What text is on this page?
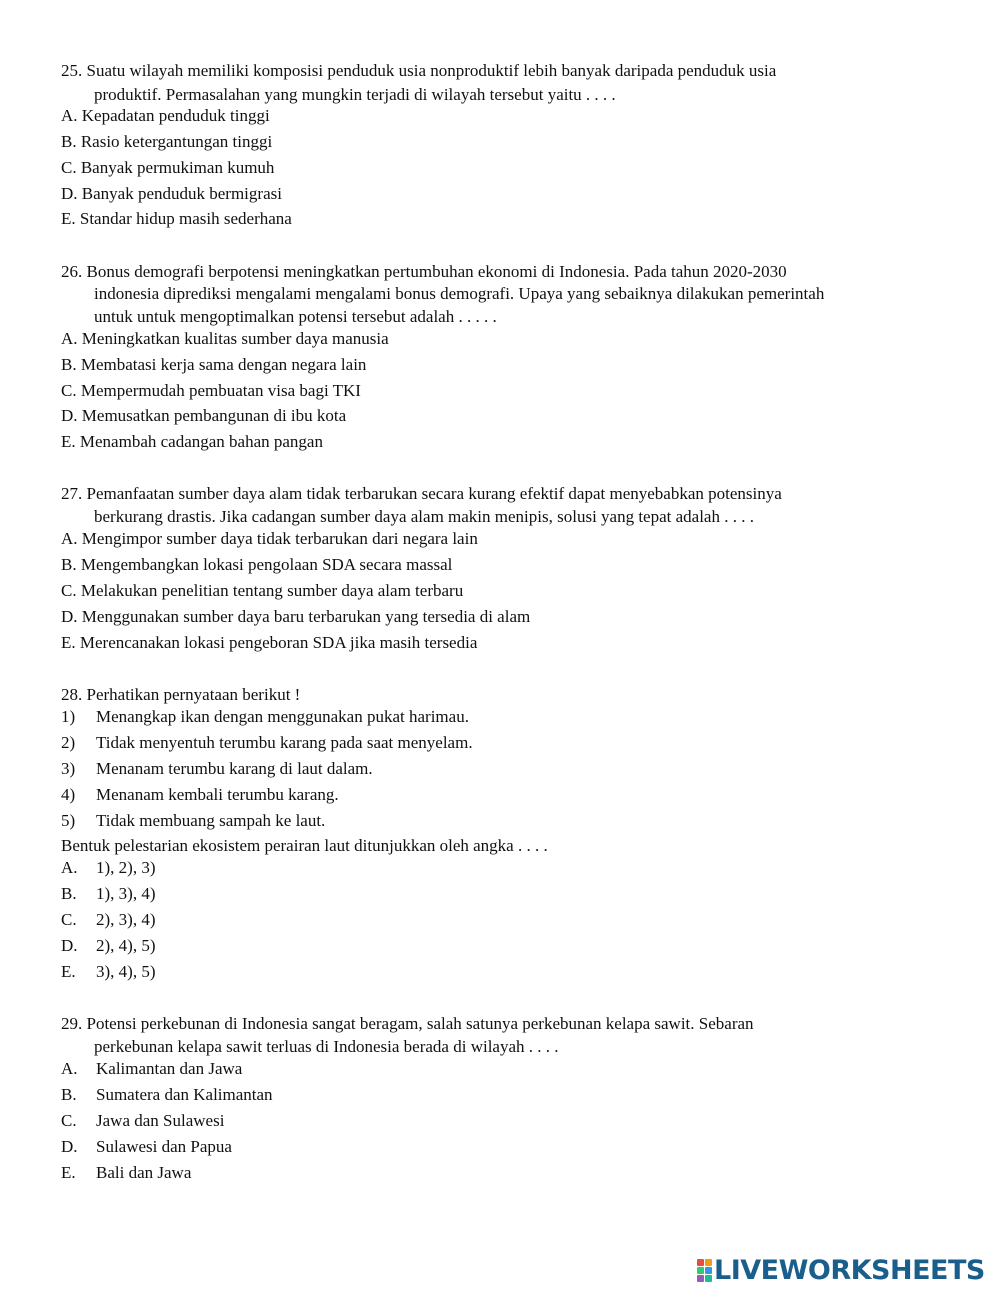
25. Suatu wilayah memiliki komposisi penduduk usia nonproduktif lebih banyak daripada penduduk usia

produktif. Permasalahan yang mungkin terjadi di wilayah tersebut yaitu . . . .

A. Kepadatan penduduk tinggi

B. Rasio ketergantungan tinggi

C. Banyak permukiman kumuh

D. Banyak penduduk bermigrasi

E. Standar hidup masih sederhana

26. Bonus demografi berpotensi meningkatkan pertumbuhan ekonomi di Indonesia. Pada tahun 2020-2030

indonesia diprediksi mengalami mengalami bonus demografi. Upaya yang sebaiknya dilakukan pemerintah

untuk untuk mengoptimalkan potensi tersebut adalah . . . . .

A. Meningkatkan kualitas sumber daya manusia

B. Membatasi kerja sama dengan negara lain

C. Mempermudah pembuatan visa bagi TKI

D. Memusatkan pembangunan di ibu kota

E. Menambah cadangan bahan pangan

27. Pemanfaatan sumber daya alam tidak terbarukan secara kurang efektif dapat menyebabkan potensinya

berkurang drastis. Jika cadangan sumber daya alam makin menipis, solusi yang tepat adalah . . . .

A. Mengimpor sumber daya tidak terbarukan dari negara lain

B. Mengembangkan lokasi pengolaan SDA secara massal

C. Melakukan penelitian tentang sumber daya alam terbaru

D. Menggunakan sumber daya baru terbarukan yang tersedia di alam

E. Merencanakan lokasi pengeboran SDA jika masih tersedia

28. Perhatikan pernyataan berikut !

1) Menangkap ikan dengan menggunakan pukat harimau.

2) Tidak menyentuh terumbu karang pada saat menyelam.

3) Menanam terumbu karang di laut dalam.

4) Menanam kembali terumbu karang.

5) Tidak membuang sampah ke laut.

Bentuk pelestarian ekosistem perairan laut ditunjukkan oleh angka . . . .

A. 1), 2), 3)

B. 1), 3), 4)

C. 2), 3), 4)

D. 2), 4), 5)

E. 3), 4), 5)

29. Potensi perkebunan di Indonesia sangat beragam, salah satunya perkebunan kelapa sawit. Sebaran

perkebunan kelapa sawit terluas di Indonesia berada di wilayah . . . .

A. Kalimantan dan Jawa

B. Sumatera dan Kalimantan

C. Jawa dan Sulawesi

D. Sulawesi dan Papua

E. Bali dan Jawa

LIVEWORKSHEETS
